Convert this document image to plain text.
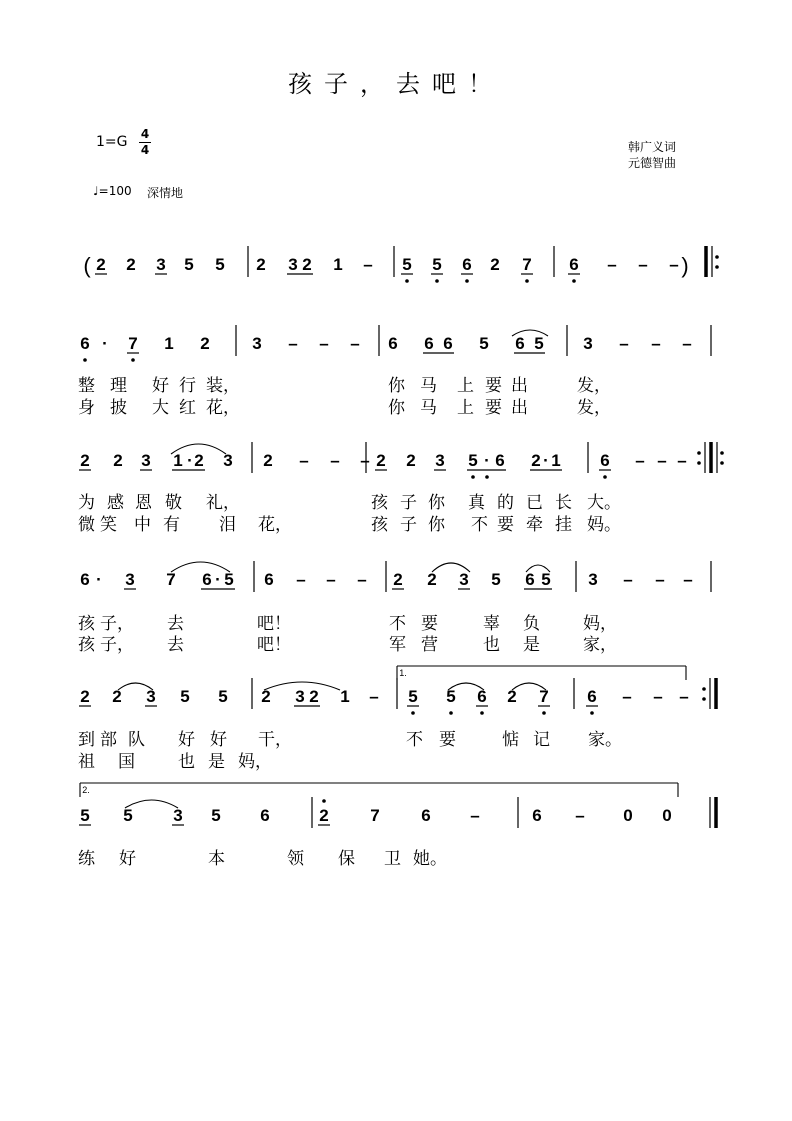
孩子，去吧！
1=G 4
4
♩=100 深情地
韩广义词
元德智曲
2 2 3 5 5 2 3 2 1 – 5 5 6 2 7 6 – – –
6 · 7 1 2	3 – – – 6 6 6 5 6 5 3 – – –
整 理 好 行 装，	你 马 上 要 出	发，
身 披 大 红 花，	你 马 上 要 出	发，
2 2 3 1 · 2 3 2 – – – 2 2 3 5 · 6 2 · 1 6 – – –
为 感 恩 敬 礼，	孩 子 你 真 的 已 长 大。
微 笑 中 有 泪 花，	孩 子 你 不 要 牵 挂 妈。
6 · 3 7 6 · 5 6 – – – 2 2 3 5 6 5 3 – – –
孩 子， 去	吧！	不 要	辜 负	妈，
孩 子， 去	吧！	军 营	也 是	家，
2 2 3 5 5 2 3 2 1 – 5 5 6 2 7 6 – – –
到 部 队 好 好 干，	不 要	惦 记 家。
祖 国	也 是 妈，
5 5 3 5 6	2 7 6 –	6 – 0 0
练 好	本	领 保 卫 她。
(	)
1.
2.
